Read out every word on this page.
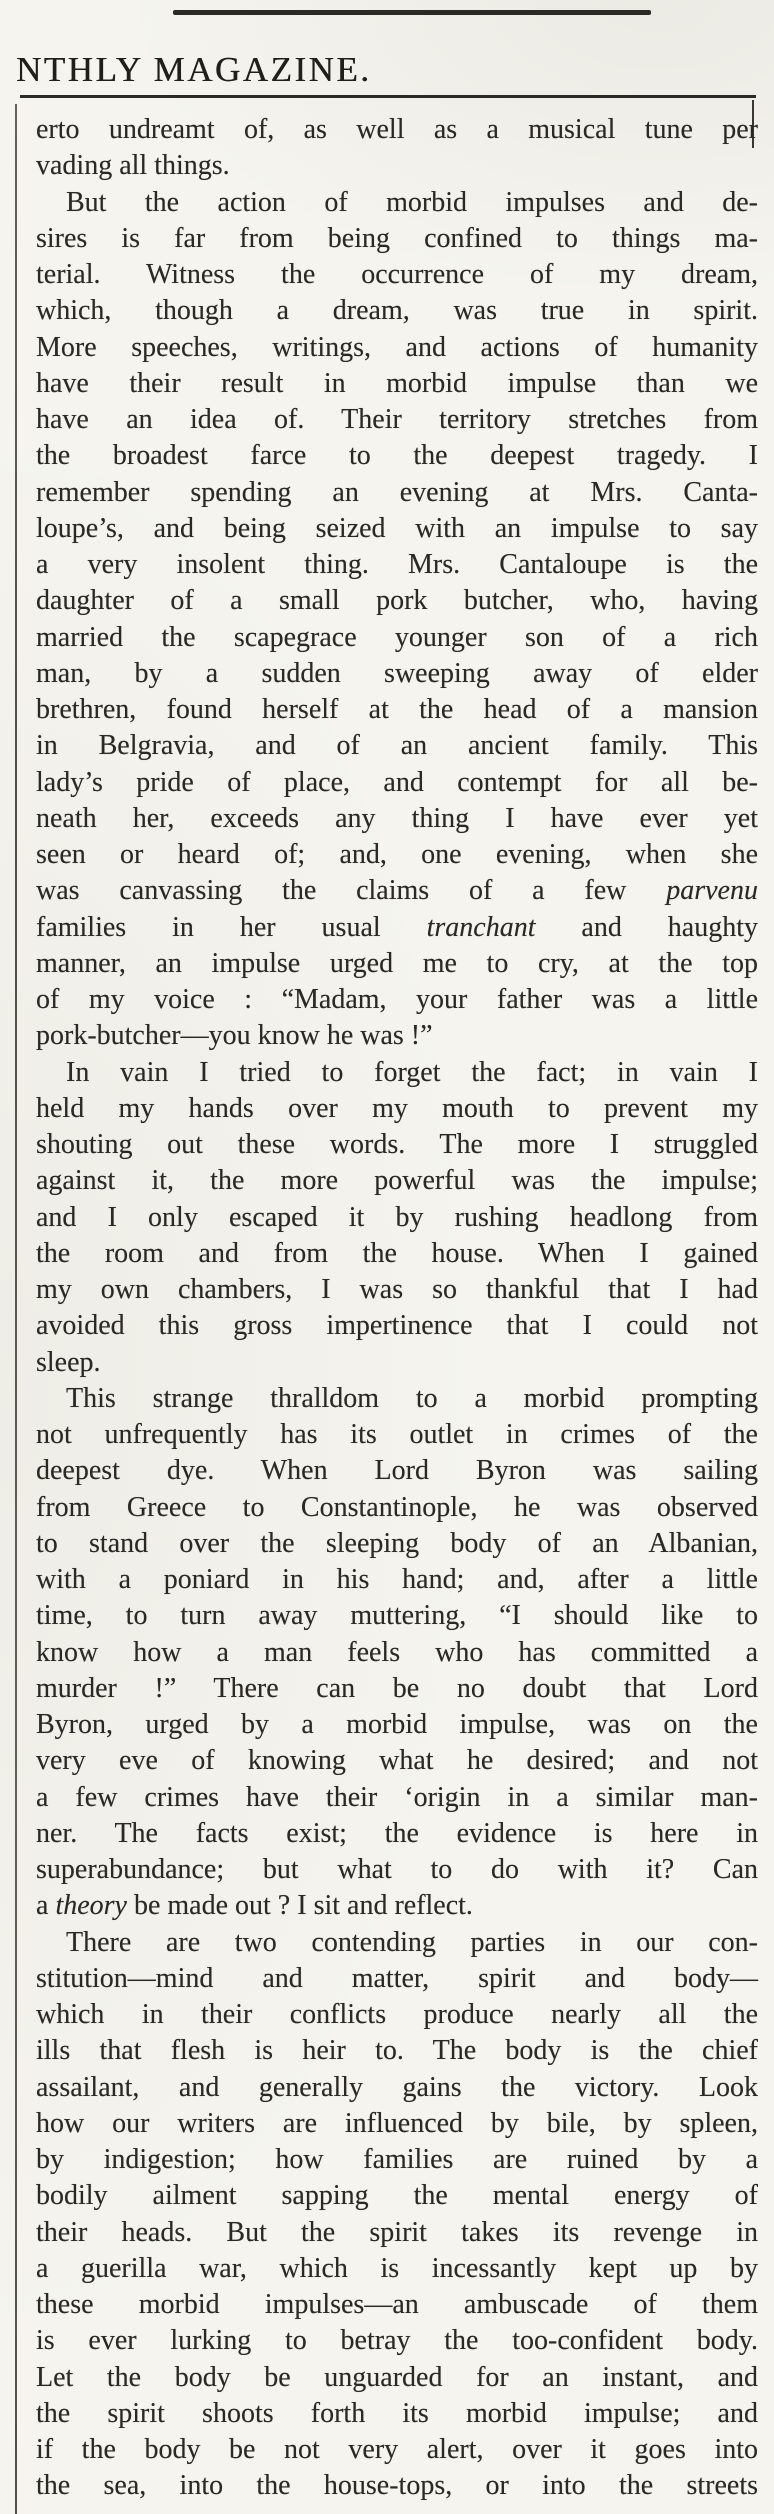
NTHLY MAGAZINE.
erto undreamt of, as well as a musical tune per
vading all things.
But the action of morbid impulses and de-
sires is far from being confined to things ma-
terial. Witness the occurrence of my dream,
which, though a dream, was true in spirit.
More speeches, writings, and actions of humanity
have their result in morbid impulse than we
have an idea of. Their territory stretches from
the broadest farce to the deepest tragedy. I
remember spending an evening at Mrs. Canta-
loupe’s, and being seized with an impulse to say
a very insolent thing. Mrs. Cantaloupe is the
daughter of a small pork butcher, who, having
married the scapegrace younger son of a rich
man, by a sudden sweeping away of elder
brethren, found herself at the head of a mansion
in Belgravia, and of an ancient family. This
lady’s pride of place, and contempt for all be-
neath her, exceeds any thing I have ever yet
seen or heard of; and, one evening, when she
was canvassing the claims of a few parvenu
families in her usual tranchant and haughty
manner, an impulse urged me to cry, at the top
of my voice : “Madam, your father was a little
pork-butcher—you know he was !”
In vain I tried to forget the fact; in vain I
held my hands over my mouth to prevent my
shouting out these words. The more I struggled
against it, the more powerful was the impulse;
and I only escaped it by rushing headlong from
the room and from the house. When I gained
my own chambers, I was so thankful that I had
avoided this gross impertinence that I could not
sleep.
This strange thralldom to a morbid prompting
not unfrequently has its outlet in crimes of the
deepest dye. When Lord Byron was sailing
from Greece to Constantinople, he was observed
to stand over the sleeping body of an Albanian,
with a poniard in his hand; and, after a little
time, to turn away muttering, “I should like to
know how a man feels who has committed a
murder !” There can be no doubt that Lord
Byron, urged by a morbid impulse, was on the
very eve of knowing what he desired; and not
a few crimes have their ‘origin in a similar man-
ner. The facts exist; the evidence is here in
superabundance; but what to do with it? Can
a theory be made out ? I sit and reflect.
There are two contending parties in our con-
stitution—mind and matter, spirit and body—
which in their conflicts produce nearly all the
ills that flesh is heir to. The body is the chief
assailant, and generally gains the victory. Look
how our writers are influenced by bile, by spleen,
by indigestion; how families are ruined by a
bodily ailment sapping the mental energy of
their heads. But the spirit takes its revenge in
a guerilla war, which is incessantly kept up by
these morbid impulses—an ambuscade of them
is ever lurking to betray the too-confident body.
Let the body be unguarded for an instant, and
the spirit shoots forth its morbid impulse; and
if the body be not very alert, over it goes into
the sea, into the house-tops, or into the streets
